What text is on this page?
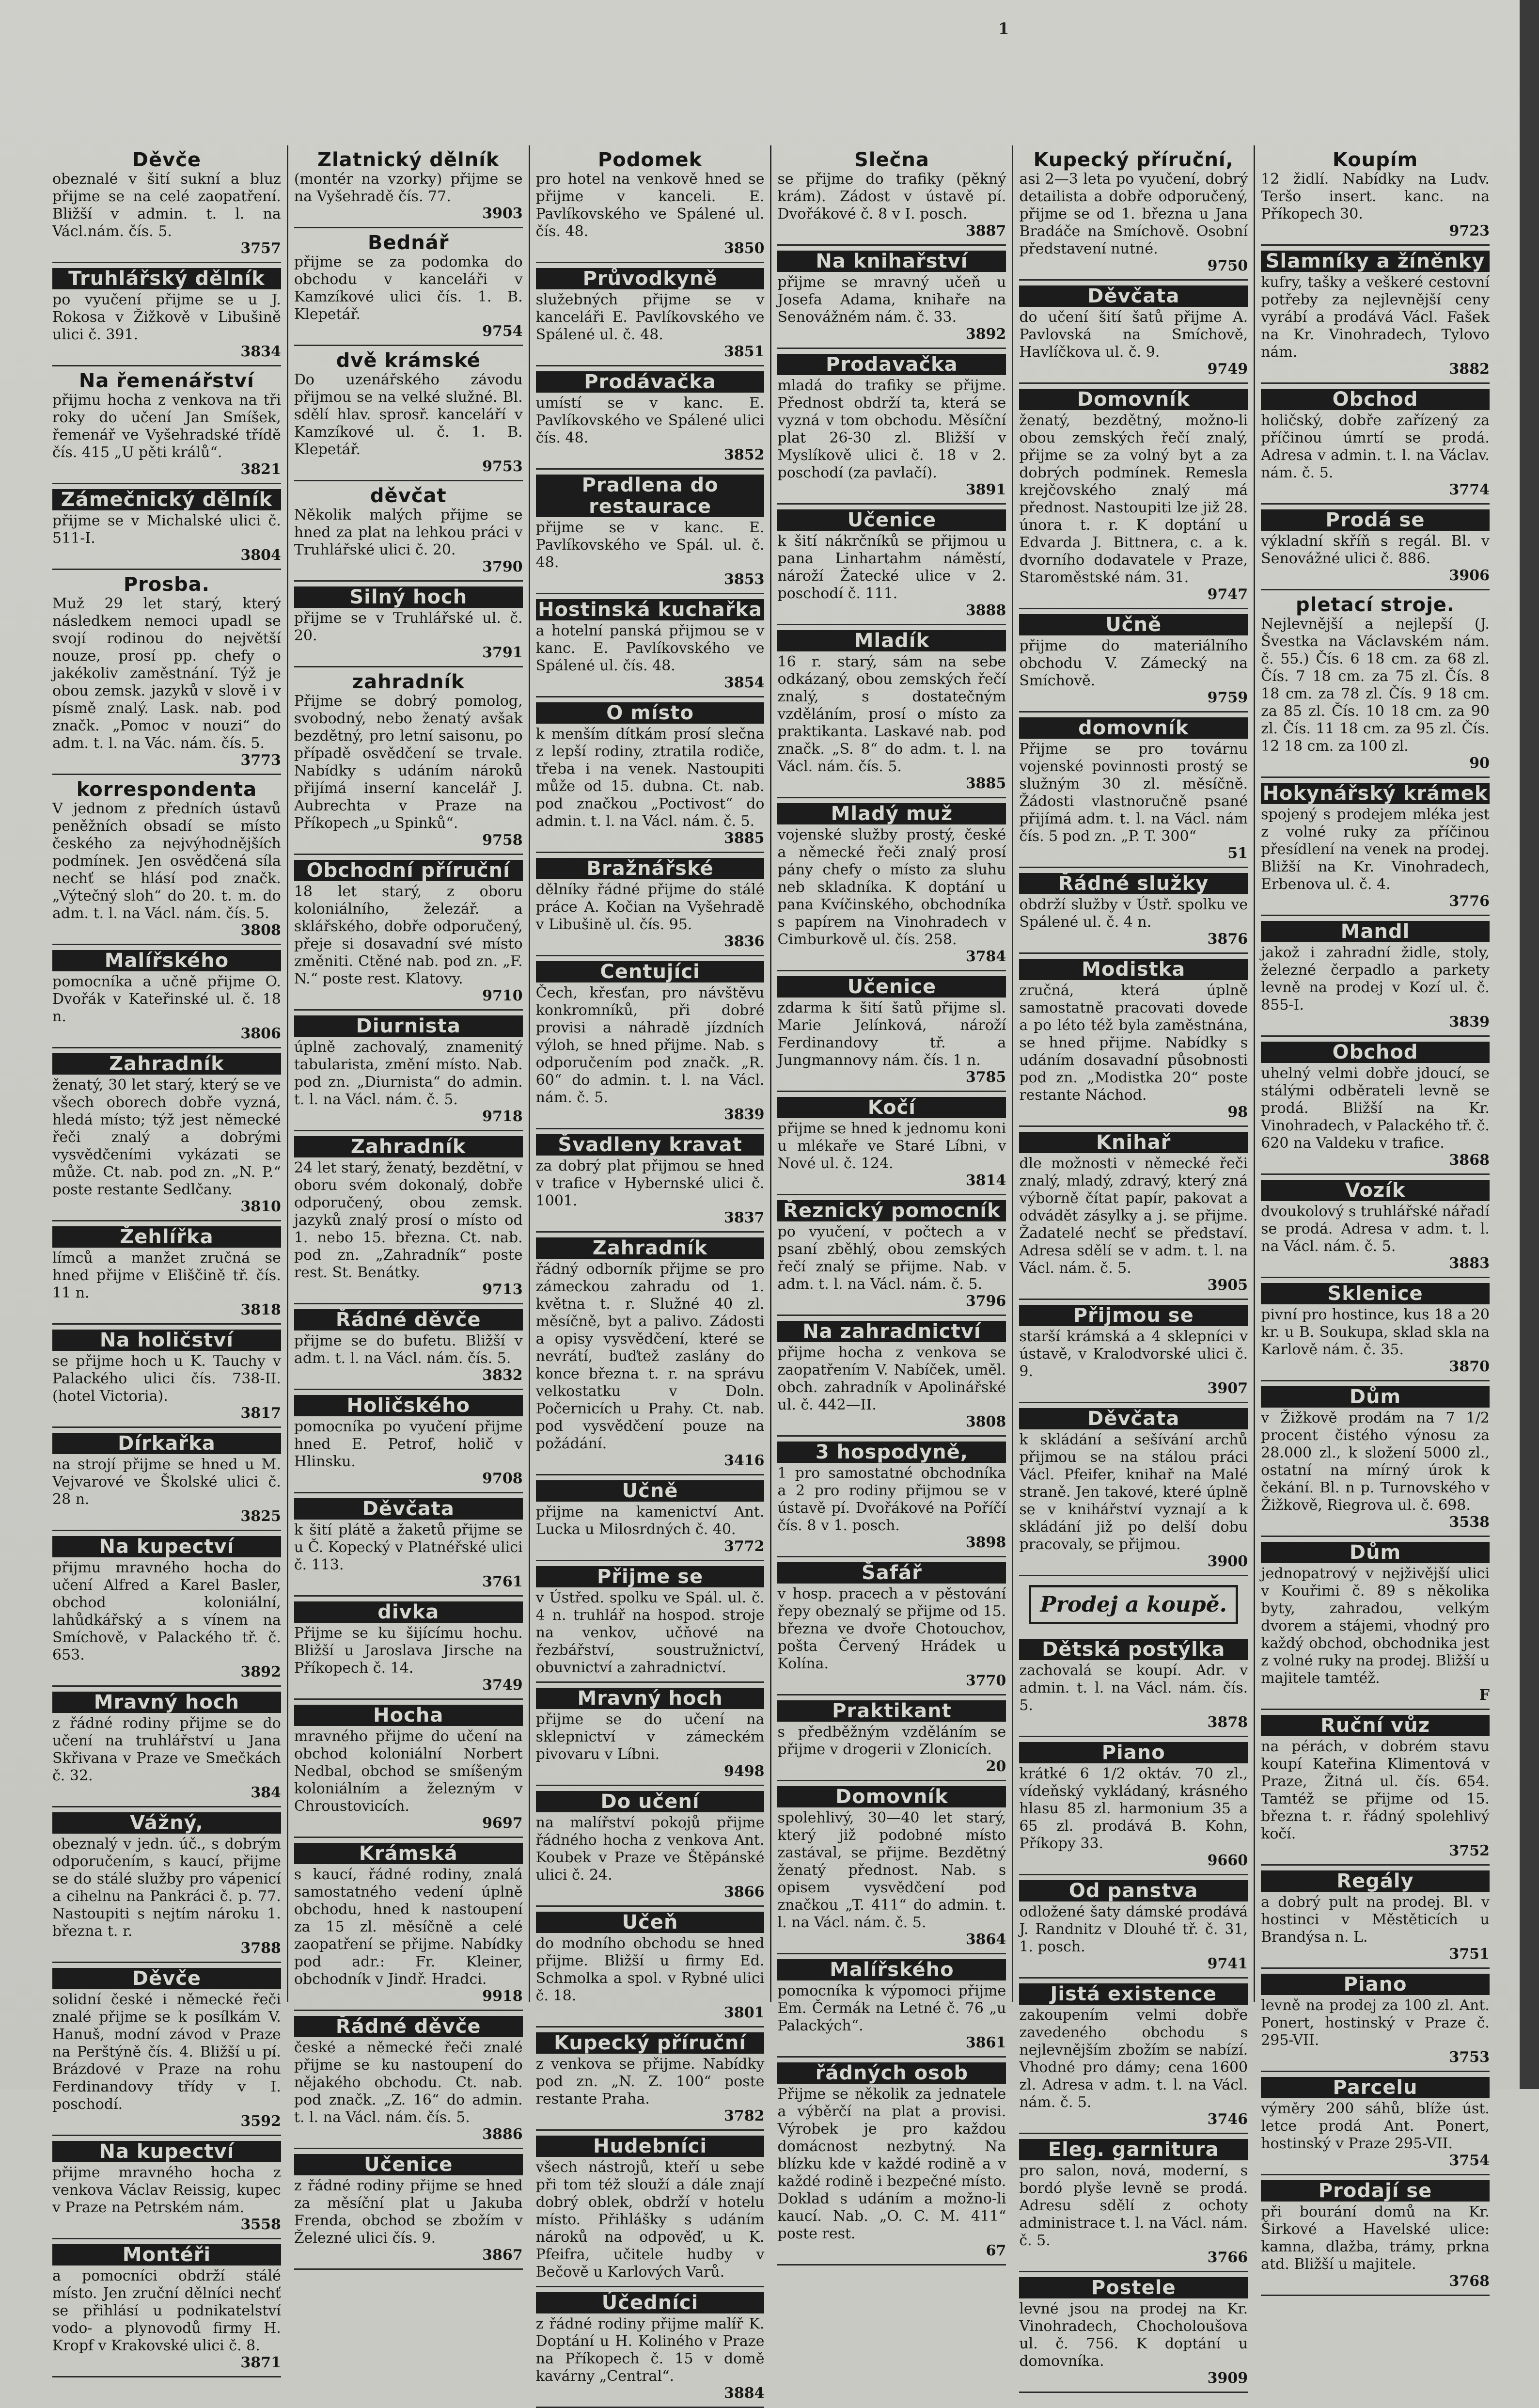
1
Děvče
obeznalé v šití sukní a bluz přijme se na celé zaopatření. Bližší v admin. t. l. na Václ.nám. čís. 5.
3757
Truhlářský dělník
po vyučení přijme se u J. Rokosa v Žižkově v Libušině ulici č. 391.
3834
Na řemenářství
přijmu hocha z venkova na tři roky do učení Jan Smíšek, řemenář ve Vyšehradské třídě čís. 415 „U pěti králů“.
3821
Zámečnický dělník
přijme se v Michalské ulici č. 511-I.
3804
Prosba.
Muž 29 let starý, který následkem nemoci upadl se svojí rodinou do největší nouze, prosí pp. chefy o jakékoliv zaměstnání. Týž je obou zemsk. jazyků v slově i v písmě znalý. Lask. nab. pod značk. „Pomoc v nouzi“ do adm. t. l. na Vác. nám. čís. 5.
3773
korrespondenta
V jednom z předních ústavů peněžních obsadí se místo českého za nejvýhodnějších podmínek. Jen osvědčená síla nechť se hlásí pod značk. „Výtečný sloh“ do 20. t. m. do adm. t. l. na Václ. nám. čís. 5.
3808
Malířského
pomocníka a učně přijme O. Dvořák v Kateřinské ul. č. 18 n.
3806
Zahradník
ženatý, 30 let starý, který se ve všech oborech dobře vyzná, hledá místo; týž jest německé řeči znalý a dobrými vysvědčeními vykázati se může. Ct. nab. pod zn. „N. P.“ poste restante Sedlčany.
3810
Žehlířka
límců a manžet zručná se hned přijme v Eliščině tř. čís. 11 n.
3818
Na holičství
se přijme hoch u K. Tauchy v Palackého ulici čís. 738-II. (hotel Victoria).
3817
Dírkařka
na strojí přijme se hned u M. Vejvarové ve Školské ulici č. 28 n.
3825
Na kupectví
přijmu mravného hocha do učení Alfred a Karel Basler, obchod koloniální, lahůdkářský a s vínem na Smíchově, v Palackého tř. č. 653.
3892
Mravný hoch
z řádné rodiny přijme se do učení na truhlářství u Jana Skřivana v Praze ve Smečkách č. 32.
384
Vážný,
obeznalý v jedn. úč., s dobrým odporučením, s kaucí, přijme se do stálé služby pro vápenicí a cihelnu na Pankráci č. p. 77. Nastoupiti s nejtím nároku 1. března t. r.
3788
Děvče
solidní české i německé řeči znalé přijme se k posílkám V. Hanuš, modní závod v Praze na Perštýně čís. 4. Bližší u pí. Brázdové v Praze na rohu Ferdinandovy třídy v I. poschodí.
3592
Na kupectví
přijme mravného hocha z venkova Václav Reissig, kupec v Praze na Petrském nám.
3558
Montéři
a pomocníci obdrží stálé místo. Jen zruční dělníci nechť se přihlásí u podnikatelství vodo- a plynovodů firmy H. Kropf v Krakovské ulici č. 8.
3871
Zlatnický dělník
(montér na vzorky) přijme se na Vyšehradě čís. 77.
3903
Bednář
přijme se za podomka do obchodu v kanceláři v Kamzíkové ulici čís. 1. B. Klepetář.
9754
dvě krámské
Do uzenářského závodu přijmou se na velké služné. Bl. sdělí hlav. sprosř. kanceláří v Kamzíkové ul. č. 1. B. Klepetář.
9753
děvčat
Několik malých přijme se hned za plat na lehkou práci v Truhlářské ulici č. 20.
3790
Silný hoch
přijme se v Truhlářské ul. č. 20.
3791
zahradník
Přijme se dobrý pomolog, svobodný, nebo ženatý avšak bezdětný, pro letní saisonu, po případě osvědčení se trvale. Nabídky s udáním nároků přijímá inserní kancelář J. Aubrechta v Praze na Příkopech „u Spinků“.
9758
Obchodní příruční
18 let starý, z oboru koloniálního, železář. a sklářského, dobře odporučený, přeje si dosavadní své místo změniti. Ctěné nab. pod zn. „F. N.“ poste rest. Klatovy.
9710
Diurnista
úplně zachovalý, znamenitý tabularista, změní místo. Nab. pod zn. „Diurnista“ do admin. t. l. na Václ. nám. č. 5.
9718
Zahradník
24 let starý, ženatý, bezdětní, v oboru svém dokonalý, dobře odporučený, obou zemsk. jazyků znalý prosí o místo od 1. nebo 15. března. Ct. nab. pod zn. „Zahradník“ poste rest. St. Benátky.
9713
Řádné děvče
přijme se do bufetu. Bližší v adm. t. l. na Václ. nám. čís. 5.
3832
Holičského
pomocníka po vyučení přijme hned E. Petrof, holič v Hlinsku.
9708
Děvčata
k šití plátě a žaketů přijme se u Č. Kopecký v Platnéřské ulici č. 113.
3761
divka
Přijme se ku šijícímu hochu. Bližší u Jaroslava Jirsche na Příkopech č. 14.
3749
Hocha
mravného přijme do učení na obchod koloniální Norbert Nedbal, obchod se smíšeným koloniálním a železným v Chroustovicích.
9697
Krámská
s kaucí, řádné rodiny, znalá samostatného vedení úplně obchodu, hned k nastoupení za 15 zl. měsíčně a celé zaopatření se přijme. Nabídky pod adr.: Fr. Kleiner, obchodník v Jindř. Hradci.
9918
Řádné děvče
české a německé řeči znalé přijme se ku nastoupení do nějakého obchodu. Ct. nab. pod značk. „Z. 16“ do admin. t. l. na Václ. nám. čís. 5.
3886
Učenice
z řádné rodiny přijme se hned za měsíční plat u Jakuba Frenda, obchod se zbožím v Železné ulici čís. 9.
3867
Podomek
pro hotel na venkově hned se přijme v kanceli. E. Pavlíkovského ve Spálené ul. čís. 48.
3850
Průvodkyně
služebných přijme se v kanceláři E. Pavlíkovského ve Spálené ul. č. 48.
3851
Prodávačka
umístí se v kanc. E. Pavlíkovského ve Spálené ulici čís. 48.
3852
Pradlena do restaurace
přijme se v kanc. E. Pavlíkovského ve Spál. ul. č. 48.
3853
Hostinská kuchařka
a hotelní panská přijmou se v kanc. E. Pavlíkovského ve Spálené ul. čís. 48.
3854
O místo
k menším dítkám prosí slečna z lepší rodiny, ztratila rodiče, třeba i na venek. Nastoupiti může od 15. dubna. Ct. nab. pod značkou „Poctivost“ do admin. t. l. na Václ. nám. č. 5.
3885
Bražnářské
dělníky řádné přijme do stálé práce A. Kočian na Vyšehradě v Libušině ul. čís. 95.
3836
Centujíci
Čech, křesťan, pro návštěvu konkromníků, při dobré provisi a náhradě jízdních výloh, se hned přijme. Nab. s odporučením pod značk. „R. 60“ do admin. t. l. na Václ. nám. č. 5.
3839
Švadleny kravat
za dobrý plat přijmou se hned v trafice v Hybernské ulici č. 1001.
3837
Zahradník
řádný odborník přijme se pro zámeckou zahradu od 1. května t. r. Služné 40 zl. měsíčně, byt a palivo. Zádosti a opisy vysvědčení, které se nevrátí, buďtež zaslány do konce března t. r. na správu velkostatku v Doln. Počernicích u Prahy. Ct. nab. pod vysvědčení pouze na požádání.
3416
Učně
přijme na kamenictví Ant. Lucka u Milosrdných č. 40.
3772
Přijme se
v Ústřed. spolku ve Spál. ul. č. 4 n. truhlář na hospod. stroje na venkov, učňové na řezbářství, soustružnictví, obuvnictví a zahradnictví.
Mravný hoch
přijme se do učení na sklepnictví v zámeckém pivovaru v Líbni.
9498
Do učení
na malířství pokojů přijme řádného hocha z venkova Ant. Koubek v Praze ve Štěpánské ulici č. 24.
3866
Učeň
do modního obchodu se hned přijme. Bližší u firmy Ed. Schmolka a spol. v Rybné ulici č. 18.
3801
Kupecký příruční
z venkova se přijme. Nabídky pod zn. „N. Z. 100“ poste restante Praha.
3782
Hudebníci
všech nástrojů, kteří u sebe při tom též slouží a dále znají dobrý oblek, obdrží v hotelu místo. Přihlášky s udáním nároků na odpověď, u K. Pfeifra, učitele hudby v Bečově u Karlových Varů.
Účedníci
z řádné rodiny přijme malíř K. Doptání u H. Koliného v Praze na Příkopech č. 15 v domě kavárny „Central“.
3884
Slečna
se přijme do trafiky (pěkný krám). Zádost v ústavě pí. Dvořákové č. 8 v I. posch.
3887
Na knihařství
přijme se mravný učeň u Josefa Adama, knihaře na Senovážném nám. č. 33.
3892
Prodavačka
mladá do trafiky se přijme. Přednost obdrží ta, která se vyzná v tom obchodu. Měsíční plat 26-30 zl. Bližší v Myslíkově ulici č. 18 v 2. poschodí (za pavlačí).
3891
Učenice
k šití nákrčníků se přijmou u pana Linhartahm náměstí, nároží Žatecké ulice v 2. poschodí č. 111.
3888
Mladík
16 r. starý, sám na sebe odkázaný, obou zemských řečí znalý, s dostatečným vzděláním, prosí o místo za praktikanta. Laskavé nab. pod značk. „S. 8“ do adm. t. l. na Václ. nám. čís. 5.
3885
Mladý muž
vojenské služby prostý, české a německé řeči znalý prosí pány chefy o místo za sluhu neb skladníka. K doptání u pana Kvíčinského, obchodníka s papírem na Vinohradech v Cimburkově ul. čís. 258.
3784
Učenice
zdarma k šití šatů přijme sl. Marie Jelínková, nároží Ferdinandovy tř. a Jungmannovy nám. čís. 1 n.
3785
Kočí
přijme se hned k jednomu koni u mlékaře ve Staré Líbni, v Nové ul. č. 124.
3814
Řeznický pomocník
po vyučení, v počtech a v psaní zběhlý, obou zemských řečí znalý se přijme. Nab. v adm. t. l. na Václ. nám. č. 5.
3796
Na zahradnictví
přijme hocha z venkova se zaopatřením V. Nabíček, uměl. obch. zahradník v Apolinářské ul. č. 442—II.
3808
3 hospodyně,
1 pro samostatné obchodníka a 2 pro rodiny přijmou se v ústavě pí. Dvořákové na Poříčí čís. 8 v 1. posch.
3898
Šafář
v hosp. pracech a v pěstování řepy obeznalý se přijme od 15. března ve dvoře Chotouchov, pošta Červený Hrádek u Kolína.
3770
Praktikant
s předběžným vzděláním se přijme v drogerii v Zlonicích.
20
Domovník
spolehlivý, 30—40 let starý, který již podobné místo zastával, se přijme. Bezdětný ženatý přednost. Nab. s opisem vysvědčení pod značkou „T. 411“ do admin. t. l. na Václ. nám. č. 5.
3864
Malířského
pomocníka k výpomoci přijme Em. Čermák na Letné č. 76 „u Palackých“.
3861
řádných osob
Přijme se několik za jednatele a výběrčí na plat a provisi. Výrobek je pro každou domácnost nezbytný. Na blízku kde v každé rodině a v každé rodině i bezpečné místo. Doklad s udáním a možno-li kaucí. Nab. „O. C. M. 411“ poste rest.
67
Kupecký příruční,
asi 2—3 leta po vyučení, dobrý detailista a dobře odporučený, přijme se od 1. března u Jana Bradáče na Smíchově. Osobní představení nutné.
9750
Děvčata
do učení šití šatů přijme A. Pavlovská na Smíchově, Havlíčkova ul. č. 9.
9749
Domovník
ženatý, bezdětný, možno-li obou zemských řečí znalý, přijme se za volný byt a za dobrých podmínek. Remesla krejčovského znalý má přednost. Nastoupiti lze již 28. února t. r. K doptání u Edvarda J. Bittnera, c. a k. dvorního dodavatele v Praze, Staroměstské nám. 31.
9747
Učně
přijme do materiálního obchodu V. Zámecký na Smíchově.
9759
domovník
Přijme se pro továrnu vojenské povinnosti prostý se služným 30 zl. měsíčně. Žádosti vlastnoručně psané přijímá adm. t. l. na Václ. nám čís. 5 pod zn. „P. T. 300“
51
Řádné služky
obdrží služby v Ústř. spolku ve Spálené ul. č. 4 n.
3876
Modistka
zručná, která úplně samostatně pracovati dovede a po léto též byla zaměstnána, se hned přijme. Nabídky s udáním dosavadní působnosti pod zn. „Modistka 20“ poste restante Náchod.
98
Knihař
dle možnosti v německé řeči znalý, mladý, zdravý, který zná výborně čítat papír, pakovat a odvádět zásylky a j. se přijme. Žadatelé nechť se představí. Adresa sdělí se v adm. t. l. na Václ. nám. č. 5.
3905
Přijmou se
starší krámská a 4 sklepníci v ústavě, v Kralodvorské ulici č. 9.
3907
Děvčata
k skládání a sešívání archů přijmou se na stálou práci Václ. Pfeifer, knihař na Malé straně. Jen takové, které úplně se v knihářství vyznají a k skládání již po delší dobu pracovaly, se přijmou.
3900
Prodej a koupě.
Dětská postýlka
zachovalá se koupí. Adr. v admin. t. l. na Václ. nám. čís. 5.
3878
Piano
krátké 6 1/2 oktáv. 70 zl., vídeňský vykládaný, krásného hlasu 85 zl. harmonium 35 a 65 zl. prodává B. Kohn, Příkopy 33.
9660
Od panstva
odložené šaty dámské prodává J. Randnitz v Dlouhé tř. č. 31, 1. posch.
9741
Jistá existence
zakoupením velmi dobře zavedeného obchodu s nejlevnějším zbožím se nabízí. Vhodné pro dámy; cena 1600 zl. Adresa v adm. t. l. na Václ. nám. č. 5.
3746
Eleg. garnitura
pro salon, nová, moderní, s bordó plyše levně se prodá. Adresu sdělí z ochoty administrace t. l. na Václ. nám. č. 5.
3766
Postele
levné jsou na prodej na Kr. Vinohradech, Chocholoušova ul. č. 756. K doptání u domovníka.
3909
Koupím
12 židlí. Nabídky na Ludv. Teršo insert. kanc. na Příkopech 30.
9723
Slamníky a žíněnky
kufry, tašky a veškeré cestovní potřeby za nejlevnější ceny vyrábí a prodává Václ. Fašek na Kr. Vinohradech, Tylovo nám.
3882
Obchod
holičský, dobře zařízený za příčinou úmrtí se prodá. Adresa v admin. t. l. na Václav. nám. č. 5.
3774
Prodá se
výkladní skříň s regál. Bl. v Senovážné ulici č. 886.
3906
pletací stroje.
Nejlevnější a nejlepší (J. Švestka na Václavském nám. č. 55.) Čís. 6 18 cm. za 68 zl. Čís. 7 18 cm. za 75 zl. Čís. 8 18 cm. za 78 zl. Čís. 9 18 cm. za 85 zl. Čís. 10 18 cm. za 90 zl. Čís. 11 18 cm. za 95 zl. Čís. 12 18 cm. za 100 zl.
90
Hokynářský krámek
spojený s prodejem mléka jest z volné ruky za příčinou přesídlení na venek na prodej. Bližší na Kr. Vinohradech, Erbenova ul. č. 4.
3776
Mandl
jakož i zahradní židle, stoly, železné čerpadlo a parkety levně na prodej v Kozí ul. č. 855-I.
3839
Obchod
uhelný velmi dobře jdoucí, se stálými odběrateli levně se prodá. Bližší na Kr. Vinohradech, v Palackého tř. č. 620 na Valdeku v trafice.
3868
Vozík
dvoukolový s truhlářské nářadí se prodá. Adresa v adm. t. l. na Václ. nám. č. 5.
3883
Sklenice
pivní pro hostince, kus 18 a 20 kr. u B. Soukupa, sklad skla na Karlově nám. č. 35.
3870
Dům
v Žižkově prodám na 7 1/2 procent čistého výnosu za 28.000 zl., k složení 5000 zl., ostatní na mírný úrok k čekání. Bl. n p. Turnovského v Žižkově, Riegrova ul. č. 698.
3538
Dům
jednopatrový v nejživější ulici v Kouřimi č. 89 s několika byty, zahradou, velkým dvorem a stájemi, vhodný pro každý obchod, obchodnika jest z volné ruky na prodej. Bližší u majitele tamtéž.
F
Ruční vůz
na pérách, v dobrém stavu koupí Kateřina Klimentová v Praze, Žitná ul. čís. 654. Tamtéž se přijme od 15. března t. r. řádný spolehlivý kočí.
3752
Regály
a dobrý pult na prodej. Bl. v hostinci v Městěticích u Brandýsa n. L.
3751
Piano
levně na prodej za 100 zl. Ant. Ponert, hostinský v Praze č. 295-VII.
3753
Parcelu
výměry 200 sáhů, blíže úst. letce prodá Ant. Ponert, hostinský v Praze 295-VII.
3754
Prodají se
při bourání domů na Kr. Širkové a Havelské ulice: kamna, dlažba, trámy, prkna atd. Bližší u majitele.
3768
